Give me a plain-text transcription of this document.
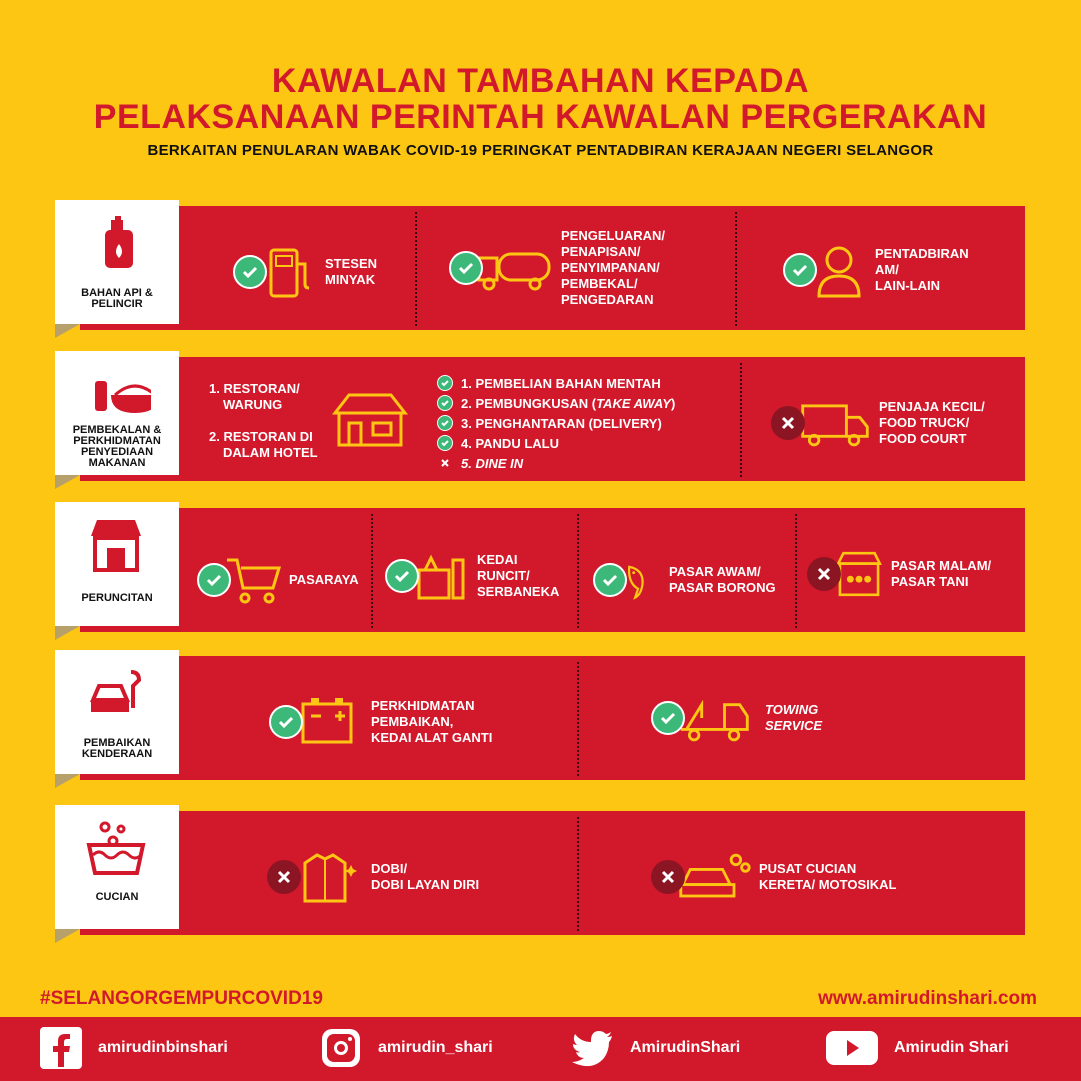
KAWALAN TAMBAHAN KEPADA
PELAKSANAAN PERINTAH KAWALAN PERGERAKAN
BERKAITAN PENULARAN WABAK COVID-19 PERINGKAT PENTADBIRAN KERAJAAN NEGERI SELANGOR
BAHAN API & PELINCIR
STESEN
MINYAK
PENGELUARAN/
PENAPISAN/
PENYIMPANAN/
PEMBEKAL/
PENGEDARAN
PENTADBIRAN
AM/
LAIN-LAIN
PEMBEKALAN & PERKHIDMATAN PENYEDIAAN MAKANAN
1. RESTORAN/
WARUNG
2. RESTORAN DI
DALAM HOTEL
1. PEMBELIAN BAHAN MENTAH
2. PEMBUNGKUSAN (TAKE AWAY)
3. PENGHANTARAN (DELIVERY)
4. PANDU LALU
5. DINE IN
PENJAJA KECIL/
FOOD TRUCK/
FOOD COURT
PERUNCITAN
PASARAYA
KEDAI
RUNCIT/
SERBANEKA
PASAR AWAM/
PASAR BORONG
PASAR MALAM/
PASAR TANI
PEMBAIKAN KENDERAAN
PERKHIDMATAN
PEMBAIKAN,
KEDAI ALAT GANTI
TOWING
SERVICE
CUCIAN
DOBI/
DOBI LAYAN DIRI
PUSAT CUCIAN
KERETA/ MOTOSIKAL
#SELANGORGEMPURCOVID19	www.amirudinshari.com
amirudinbinshari	amirudin_shari	AmirudinShari	Amirudin Shari
